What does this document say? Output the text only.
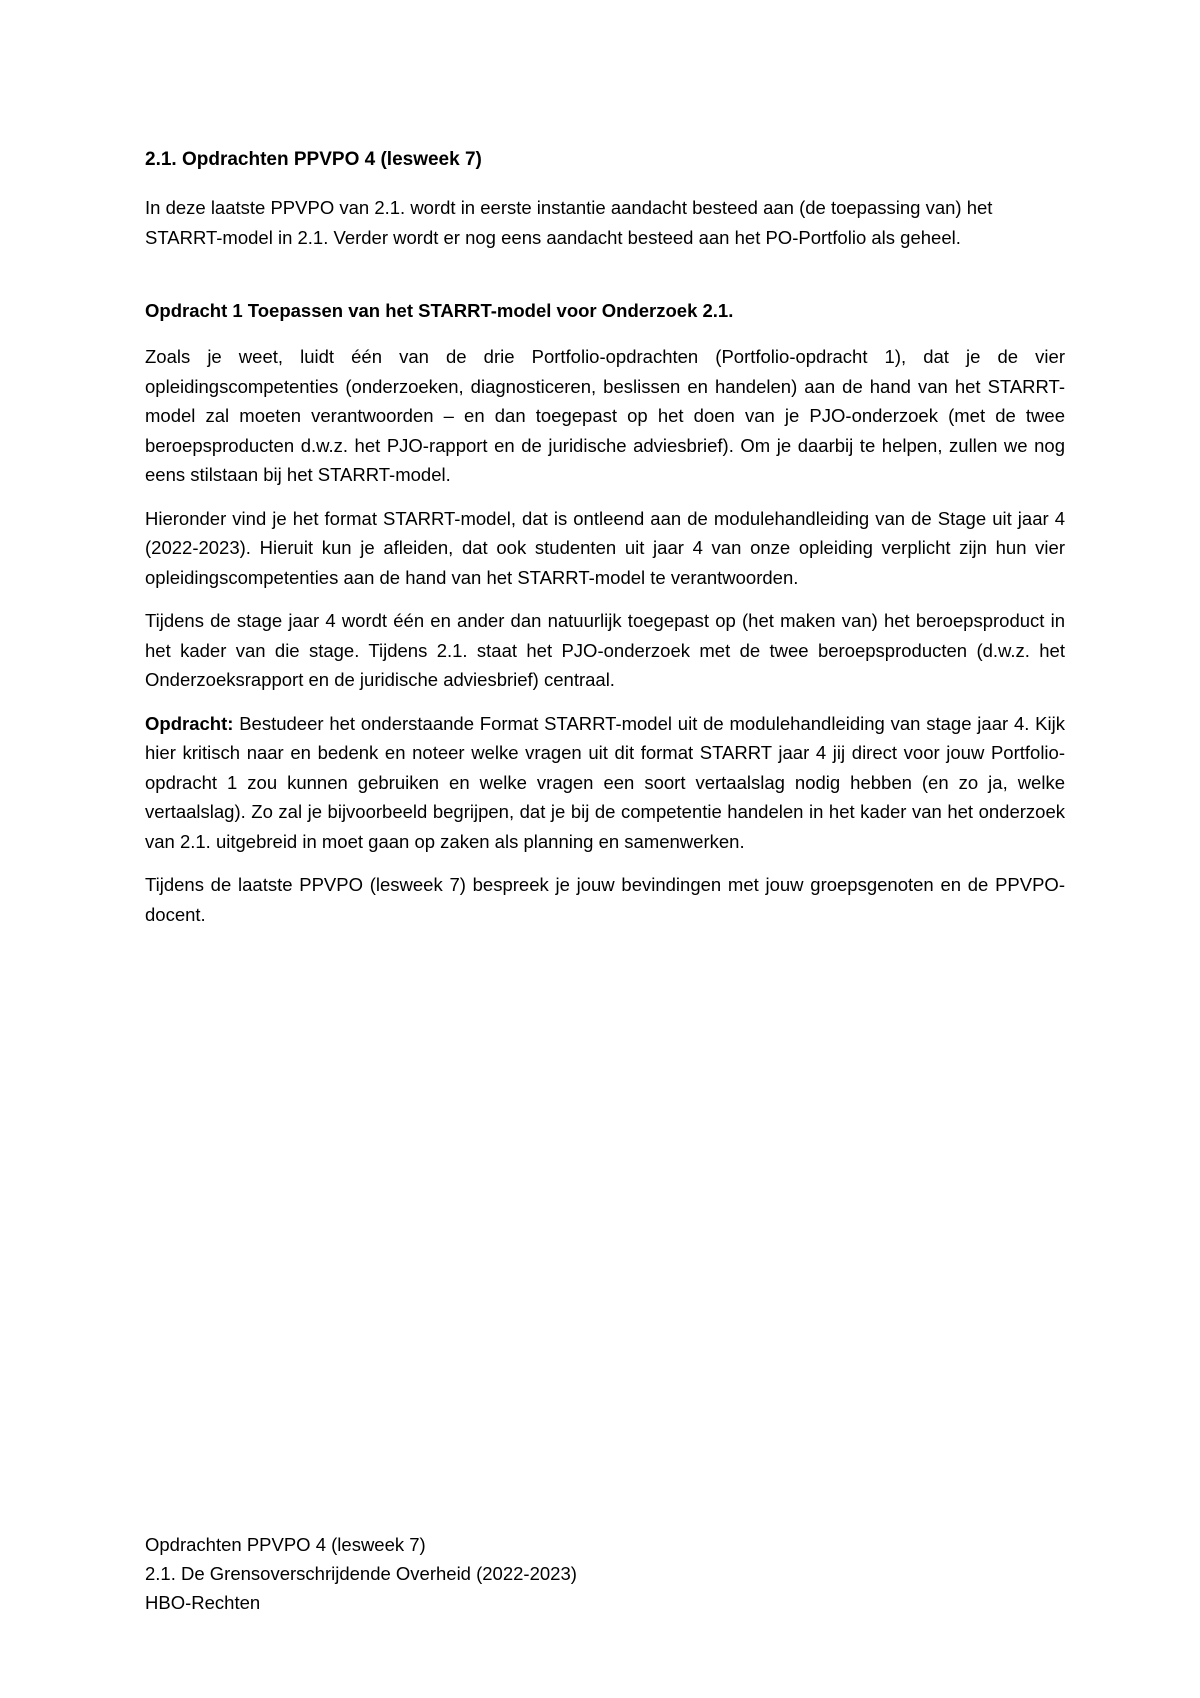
2.1. Opdrachten PPVPO 4 (lesweek 7)
In deze laatste PPVPO van 2.1. wordt in eerste instantie aandacht besteed aan (de toepassing van) het STARRT-model in 2.1. Verder wordt er nog eens aandacht besteed aan het PO-Portfolio als geheel.
Opdracht 1 Toepassen van het STARRT-model voor Onderzoek 2.1.
Zoals je weet, luidt één van de drie Portfolio-opdrachten (Portfolio-opdracht 1), dat je de vier opleidingscompetenties (onderzoeken, diagnosticeren, beslissen en handelen) aan de hand van het STARRT-model zal moeten verantwoorden – en dan toegepast op het doen van je PJO-onderzoek (met de twee beroepsproducten d.w.z. het PJO-rapport en de juridische adviesbrief). Om je daarbij te helpen, zullen we nog eens stilstaan bij het STARRT-model.
Hieronder vind je het format STARRT-model, dat is ontleend aan de modulehandleiding van de Stage uit jaar 4 (2022-2023). Hieruit kun je afleiden, dat ook studenten uit jaar 4 van onze opleiding verplicht zijn hun vier opleidingscompetenties aan de hand van het STARRT-model te verantwoorden.
Tijdens de stage jaar 4 wordt één en ander dan natuurlijk toegepast op (het maken van) het beroepsproduct in het kader van die stage. Tijdens 2.1. staat het PJO-onderzoek met de twee beroepsproducten (d.w.z. het Onderzoeksrapport en de juridische adviesbrief) centraal.
Opdracht: Bestudeer het onderstaande Format STARRT-model uit de modulehandleiding van stage jaar 4. Kijk hier kritisch naar en bedenk en noteer welke vragen uit dit format STARRT jaar 4 jij direct voor jouw Portfolio-opdracht 1 zou kunnen gebruiken en welke vragen een soort vertaalslag nodig hebben (en zo ja, welke vertaalslag). Zo zal je bijvoorbeeld begrijpen, dat je bij de competentie handelen in het kader van het onderzoek van 2.1. uitgebreid in moet gaan op zaken als planning en samenwerken.
Tijdens de laatste PPVPO (lesweek 7) bespreek je jouw bevindingen met jouw groepsgenoten en de PPVPO-docent.
Opdrachten PPVPO 4 (lesweek 7)
2.1. De Grensoverschrijdende Overheid (2022-2023)
HBO-Rechten
